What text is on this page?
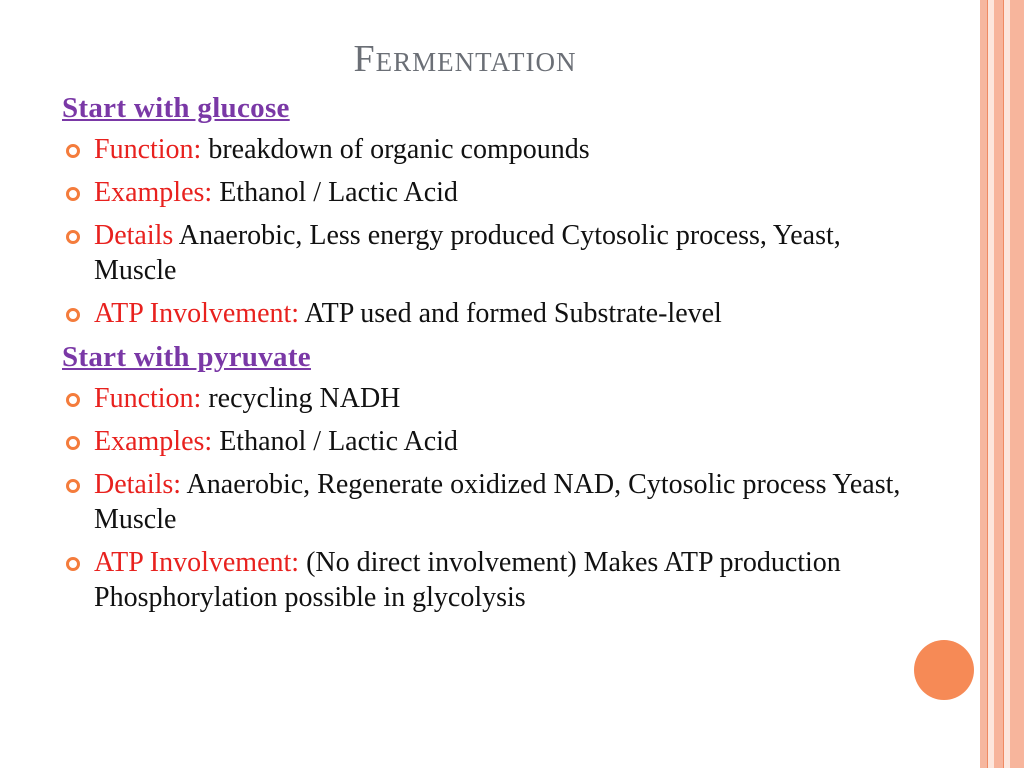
Fermentation
Start with glucose
Function: breakdown of organic compounds
Examples: Ethanol / Lactic Acid
Details Anaerobic, Less energy produced Cytosolic process, Yeast, Muscle
ATP Involvement: ATP used and formed Substrate-level
Start with pyruvate
Function: recycling NADH
Examples: Ethanol / Lactic Acid
Details: Anaerobic, Regenerate oxidized NAD, Cytosolic process Yeast, Muscle
ATP Involvement: (No direct involvement) Makes ATP production Phosphorylation possible in glycolysis
